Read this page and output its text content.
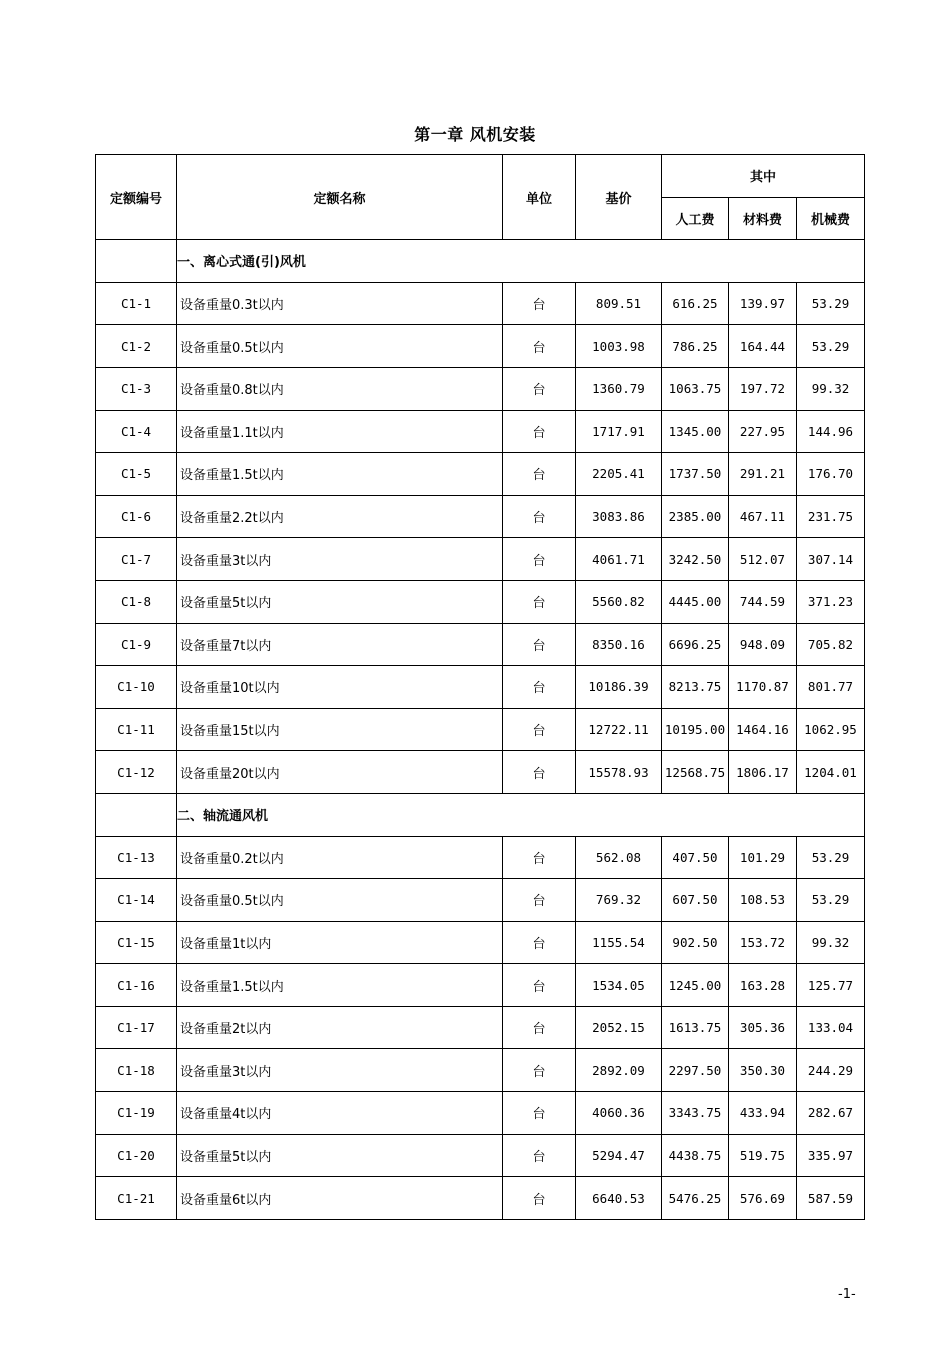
第一章 风机安装
定额编号	定额名称	单位	基价	其中		
				人工费	材料费	机械费
	一、离心式通(引)风机					
C1-1	设备重量0.3t以内	台	809.51	616.25	139.97	53.29
C1-2	设备重量0.5t以内	台	1003.98	786.25	164.44	53.29
C1-3	设备重量0.8t以内	台	1360.79	1063.75	197.72	99.32
C1-4	设备重量1.1t以内	台	1717.91	1345.00	227.95	144.96
C1-5	设备重量1.5t以内	台	2205.41	1737.50	291.21	176.70
C1-6	设备重量2.2t以内	台	3083.86	2385.00	467.11	231.75
C1-7	设备重量3t以内	台	4061.71	3242.50	512.07	307.14
C1-8	设备重量5t以内	台	5560.82	4445.00	744.59	371.23
C1-9	设备重量7t以内	台	8350.16	6696.25	948.09	705.82
C1-10	设备重量10t以内	台	10186.39	8213.75	1170.87	801.77
C1-11	设备重量15t以内	台	12722.11	10195.00	1464.16	1062.95
C1-12	设备重量20t以内	台	15578.93	12568.75	1806.17	1204.01
	二、轴流通风机					
C1-13	设备重量0.2t以内	台	562.08	407.50	101.29	53.29
C1-14	设备重量0.5t以内	台	769.32	607.50	108.53	53.29
C1-15	设备重量1t以内	台	1155.54	902.50	153.72	99.32
C1-16	设备重量1.5t以内	台	1534.05	1245.00	163.28	125.77
C1-17	设备重量2t以内	台	2052.15	1613.75	305.36	133.04
C1-18	设备重量3t以内	台	2892.09	2297.50	350.30	244.29
C1-19	设备重量4t以内	台	4060.36	3343.75	433.94	282.67
C1-20	设备重量5t以内	台	5294.47	4438.75	519.75	335.97
C1-21	设备重量6t以内	台	6640.53	5476.25	576.69	587.59
-1-
